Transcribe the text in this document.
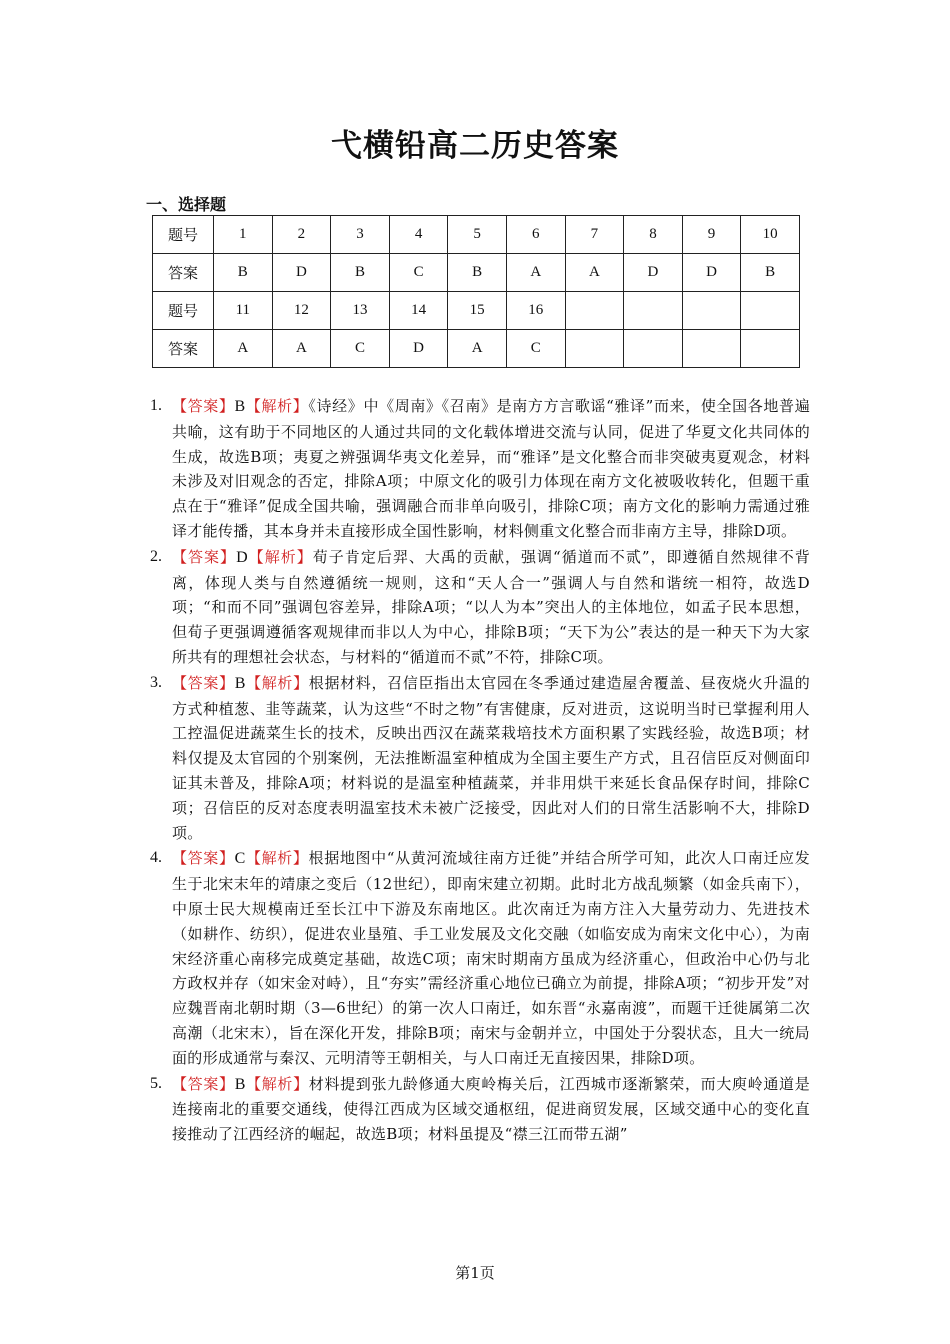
弋横铅高二历史答案
一、选择题
题号	1	2	3	4	5	6	7	8	9	10
答案	B	D	B	C	B	A	A	D	D	B
题号	11	12	13	14	15	16				
答案	A	A	C	D	A	C				
1. 【答案】B【解析】《诗经》中《周南》《召南》是南方方言歌谣“雅译”而来，使全国各地普遍共喻，这有助于不同地区的人通过共同的文化载体增进交流与认同，促进了华夏文化共同体的生成，故选B项；夷夏之辨强调华夷文化差异，而“雅译”是文化整合而非突破夷夏观念，材料未涉及对旧观念的否定，排除A项；中原文化的吸引力体现在南方文化被吸收转化，但题干重点在于“雅译”促成全国共喻，强调融合而非单向吸引，排除C项；南方文化的影响力需通过雅译才能传播，其本身并未直接形成全国性影响，材料侧重文化整合而非南方主导，排除D项。
2. 【答案】D【解析】荀子肯定后羿、大禹的贡献，强调“循道而不贰”，即遵循自然规律不背离，体现人类与自然遵循统一规则，这和“天人合一”强调人与自然和谐统一相符，故选D项；“和而不同”强调包容差异，排除A项；“以人为本”突出人的主体地位，如孟子民本思想，但荀子更强调遵循客观规律而非以人为中心，排除B项；“天下为公”表达的是一种天下为大家所共有的理想社会状态，与材料的“循道而不贰”不符，排除C项。
3. 【答案】B【解析】根据材料，召信臣指出太官园在冬季通过建造屋舍覆盖、昼夜烧火升温的方式种植葱、韭等蔬菜，认为这些“不时之物”有害健康，反对进贡，这说明当时已掌握利用人工控温促进蔬菜生长的技术，反映出西汉在蔬菜栽培技术方面积累了实践经验，故选B项；材料仅提及太官园的个别案例，无法推断温室种植成为全国主要生产方式，且召信臣反对侧面印证其未普及，排除A项；材料说的是温室种植蔬菜，并非用烘干来延长食品保存时间，排除C项；召信臣的反对态度表明温室技术未被广泛接受，因此对人们的日常生活影响不大，排除D项。
4. 【答案】C【解析】根据地图中“从黄河流域往南方迁徙”并结合所学可知，此次人口南迁应发生于北宋末年的靖康之变后（12世纪），即南宋建立初期。此时北方战乱频繁（如金兵南下），中原士民大规模南迁至长江中下游及东南地区。此次南迁为南方注入大量劳动力、先进技术（如耕作、纺织），促进农业垦殖、手工业发展及文化交融（如临安成为南宋文化中心），为南宋经济重心南移完成奠定基础，故选C项；南宋时期南方虽成为经济重心，但政治中心仍与北方政权并存（如宋金对峙），且“夯实”需经济重心地位已确立为前提，排除A项；“初步开发”对应魏晋南北朝时期（3—6世纪）的第一次人口南迁，如东晋“永嘉南渡”，而题干迁徙属第二次高潮（北宋末），旨在深化开发，排除B项；南宋与金朝并立，中国处于分裂状态，且大一统局面的形成通常与秦汉、元明清等王朝相关，与人口南迁无直接因果，排除D项。
5. 【答案】B【解析】材料提到张九龄修通大庾岭梅关后，江西城市逐渐繁荣，而大庾岭通道是连接南北的重要交通线，使得江西成为区域交通枢纽，促进商贸发展，区域交通中心的变化直接推动了江西经济的崛起，故选B项；材料虽提及“襟三江而带五湖”
第1页
